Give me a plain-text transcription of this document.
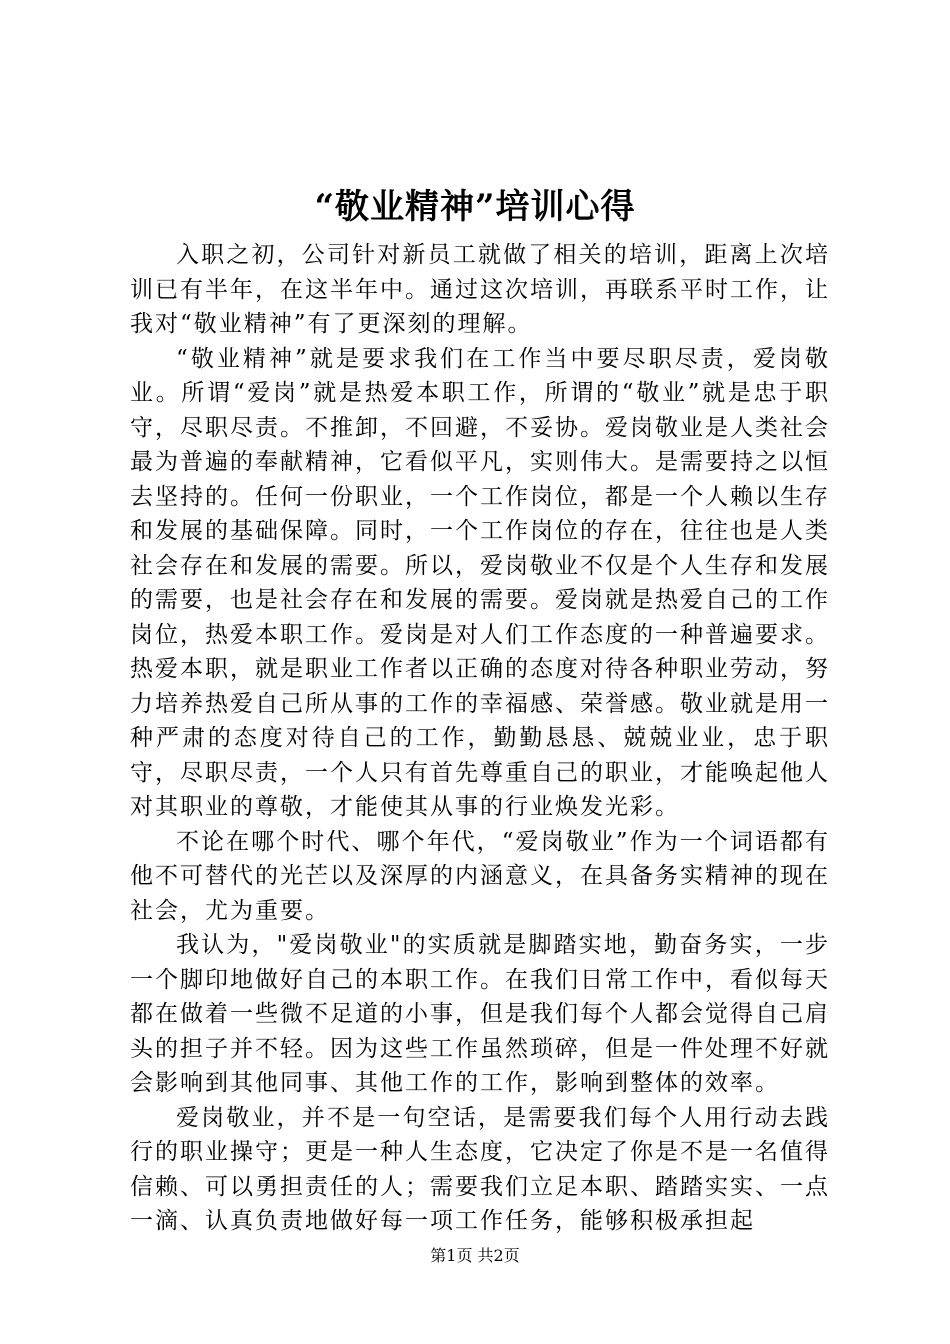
“敬业精神”培训心得

入职之初，公司针对新员工就做了相关的培训，距离上次培训已有半年，在这半年中。通过这次培训，再联系平时工作，让我对“敬业精神”有了更深刻的理解。

“敬业精神”就是要求我们在工作当中要尽职尽责，爱岗敬业。所谓“爱岗”就是热爱本职工作，所谓的“敬业”就是忠于职守，尽职尽责。不推卸，不回避，不妥协。爱岗敬业是人类社会最为普遍的奉献精神，它看似平凡，实则伟大。是需要持之以恒去坚持的。任何一份职业，一个工作岗位，都是一个人赖以生存和发展的基础保障。同时，一个工作岗位的存在，往往也是人类社会存在和发展的需要。所以，爱岗敬业不仅是个人生存和发展的需要，也是社会存在和发展的需要。爱岗就是热爱自己的工作岗位，热爱本职工作。爱岗是对人们工作态度的一种普遍要求。热爱本职，就是职业工作者以正确的态度对待各种职业劳动，努力培养热爱自己所从事的工作的幸福感、荣誉感。敬业就是用一种严肃的态度对待自己的工作，勤勤恳恳、兢兢业业，忠于职守，尽职尽责，一个人只有首先尊重自己的职业，才能唤起他人对其职业的尊敬，才能使其从事的行业焕发光彩。

不论在哪个时代、哪个年代，“爱岗敬业”作为一个词语都有他不可替代的光芒以及深厚的内涵意义，在具备务实精神的现在社会，尤为重要。

我认为，"爱岗敬业"的实质就是脚踏实地，勤奋务实，一步一个脚印地做好自己的本职工作。在我们日常工作中，看似每天都在做着一些微不足道的小事，但是我们每个人都会觉得自己肩头的担子并不轻。因为这些工作虽然琐碎，但是一件处理不好就会影响到其他同事、其他工作的工作，影响到整体的效率。

爱岗敬业，并不是一句空话，是需要我们每个人用行动去践行的职业操守；更是一种人生态度，它决定了你是不是一名值得信赖、可以勇担责任的人；需要我们立足本职、踏踏实实、一点一滴、认真负责地做好每一项工作任务，能够积极承担起

第1页 共2页
